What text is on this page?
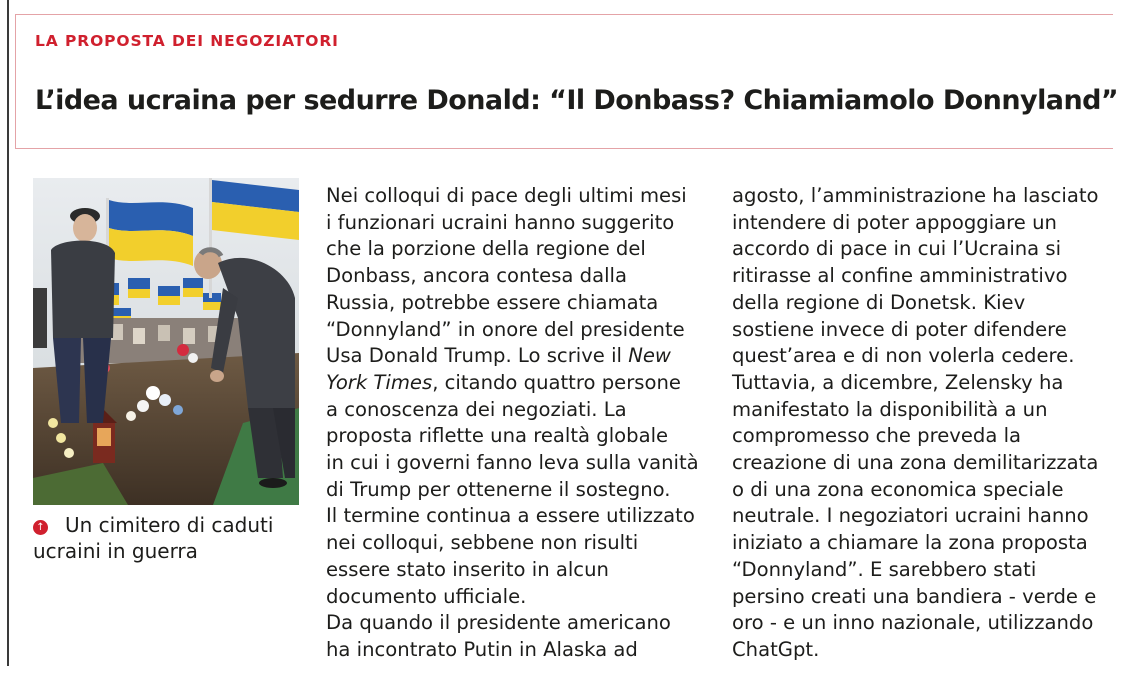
LA PROPOSTA DEI NEGOZIATORI
L’idea ucraina per sedurre Donald: “Il Donbass? Chiamiamolo Donnyland”

↑ Un cimitero di caduti
ucraini in guerra

Nei colloqui di pace degli ultimi mesi
i funzionari ucraini hanno suggerito
che la porzione della regione del
Donbass, ancora contesa dalla
Russia, potrebbe essere chiamata
“Donnyland” in onore del presidente
Usa Donald Trump. Lo scrive il New
York Times, citando quattro persone
a conoscenza dei negoziati. La
proposta riflette una realtà globale
in cui i governi fanno leva sulla vanità
di Trump per ottenerne il sostegno.
Il termine continua a essere utilizzato
nei colloqui, sebbene non risulti
essere stato inserito in alcun
documento ufficiale.
Da quando il presidente americano
ha incontrato Putin in Alaska ad

agosto, l’amministrazione ha lasciato
intendere di poter appoggiare un
accordo di pace in cui l’Ucraina si
ritirasse al confine amministrativo
della regione di Donetsk. Kiev
sostiene invece di poter difendere
quest’area e di non volerla cedere.
Tuttavia, a dicembre, Zelensky ha
manifestato la disponibilità a un
compromesso che preveda la
creazione di una zona demilitarizzata
o di una zona economica speciale
neutrale. I negoziatori ucraini hanno
iniziato a chiamare la zona proposta
“Donnyland”. E sarebbero stati
persino creati una bandiera - verde e
oro - e un inno nazionale, utilizzando
ChatGpt.
